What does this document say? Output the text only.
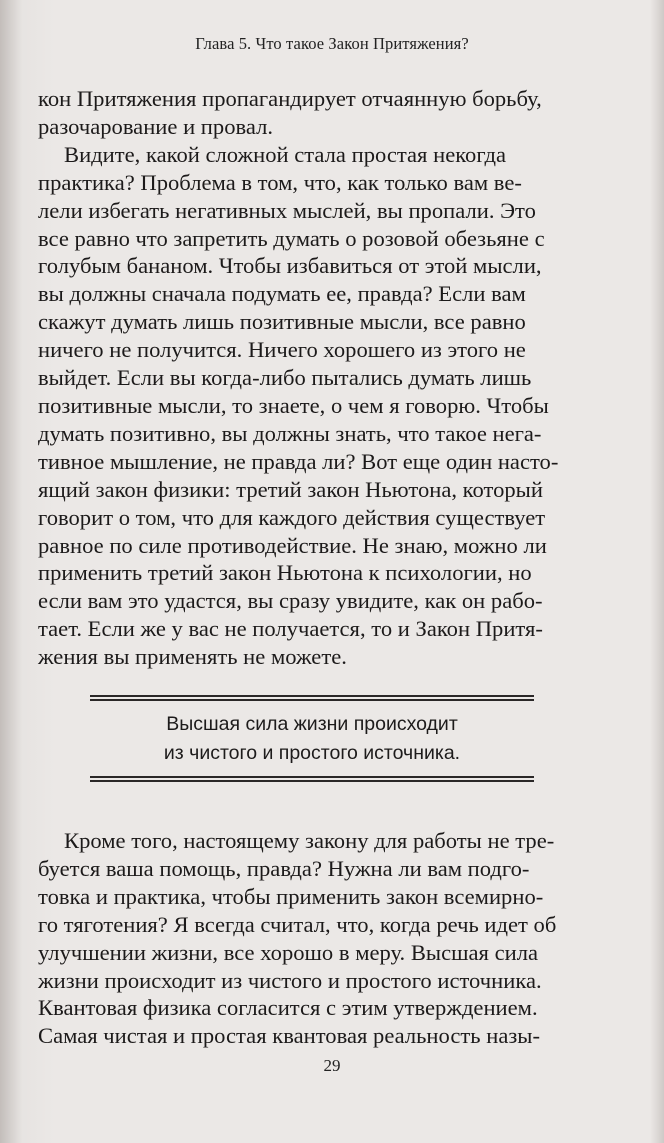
Глава 5. Что такое Закон Притяжения?

кон Притяжения пропагандирует отчаянную борьбу,
разочарование и провал.

Видите, какой сложной стала простая некогда
практика? Проблема в том, что, как только вам ве-
лели избегать негативных мыслей, вы пропали. Это
все равно что запретить думать о розовой обезьяне с
голубым бананом. Чтобы избавиться от этой мысли,
вы должны сначала подумать ее, правда? Если вам
скажут думать лишь позитивные мысли, все равно
ничего не получится. Ничего хорошего из этого не
выйдет. Если вы когда-либо пытались думать лишь
позитивные мысли, то знаете, о чем я говорю. Чтобы
думать позитивно, вы должны знать, что такое нега-
тивное мышление, не правда ли? Вот еще один насто-
ящий закон физики: третий закон Ньютона, который
говорит о том, что для каждого действия существует
равное по силе противодействие. Не знаю, можно ли
применить третий закон Ньютона к психологии, но
если вам это удастся, вы сразу увидите, как он рабо-
тает. Если же у вас не получается, то и Закон Притя-
жения вы применять не можете.

Высшая сила жизни происходит
из чистого и простого источника.

Кроме того, настоящему закону для работы не тре-
буется ваша помощь, правда? Нужна ли вам подго-
товка и практика, чтобы применить закон всемирно-
го тяготения? Я всегда считал, что, когда речь идет об
улучшении жизни, все хорошо в меру. Высшая сила
жизни происходит из чистого и простого источника.
Квантовая физика согласится с этим утверждением.
Самая чистая и простая квантовая реальность назы-

29
